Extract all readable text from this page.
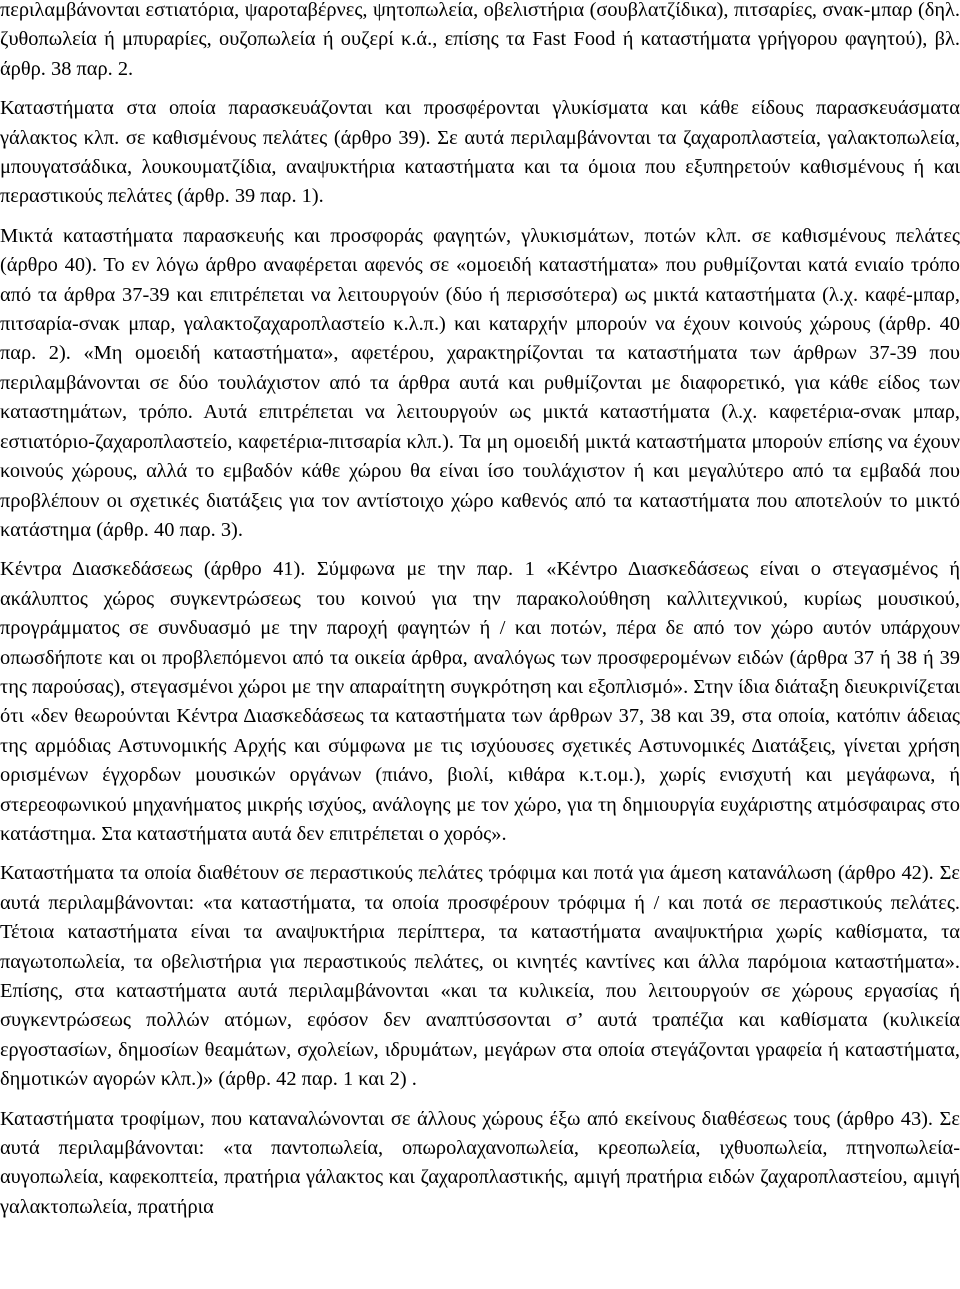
περιλαμβάνονται εστιατόρια, ψαροταβέρνες, ψητοπωλεία, οβελιστήρια (σουβλατζίδικα), πιτσαρίες, σνακ-μπαρ (δηλ. ζυθοπωλεία ή μπυραρίες, ουζοπωλεία ή ουζερί κ.ά., επίσης τα Fast Food ή καταστήματα γρήγορου φαγητού), βλ. άρθρ. 38 παρ. 2.

Καταστήματα στα οποία παρασκευάζονται και προσφέρονται γλυκίσματα και κάθε είδους παρασκευάσματα γάλακτος κλπ. σε καθισμένους πελάτες (άρθρο 39). Σε αυτά περιλαμβάνονται τα ζαχαροπλαστεία, γαλακτοπωλεία, μπουγατσάδικα, λουκουματζίδια, αναψυκτήρια καταστήματα και τα όμοια που εξυπηρετούν καθισμένους ή και περαστικούς πελάτες (άρθρ. 39 παρ. 1).

Μικτά καταστήματα παρασκευής και προσφοράς φαγητών, γλυκισμάτων, ποτών κλπ. σε καθισμένους πελάτες (άρθρο 40). Το εν λόγω άρθρο αναφέρεται αφενός σε «ομοειδή καταστήματα» που ρυθμίζονται κατά ενιαίο τρόπο από τα άρθρα 37-39 και επιτρέπεται να λειτουργούν (δύο ή περισσότερα) ως μικτά καταστήματα (λ.χ. καφέ-μπαρ, πιτσαρία-σνακ μπαρ, γαλακτοζαχαροπλαστείο κ.λ.π.) και καταρχήν μπορούν να έχουν κοινούς χώρους (άρθρ. 40 παρ. 2). «Μη ομοειδή καταστήματα», αφετέρου, χαρακτηρίζονται τα καταστήματα των άρθρων 37-39 που περιλαμβάνονται σε δύο τουλάχιστον από τα άρθρα αυτά και ρυθμίζονται με διαφορετικό, για κάθε είδος των καταστημάτων, τρόπο. Αυτά επιτρέπεται να λειτουργούν ως μικτά καταστήματα (λ.χ. καφετέρια-σνακ μπαρ, εστιατόριο-ζαχαροπλαστείο, καφετέρια-πιτσαρία κλπ.). Τα μη ομοειδή μικτά καταστήματα μπορούν επίσης να έχουν κοινούς χώρους, αλλά το εμβαδόν κάθε χώρου θα είναι ίσο τουλάχιστον ή και μεγαλύτερο από τα εμβαδά που προβλέπουν οι σχετικές διατάξεις για τον αντίστοιχο χώρο καθενός από τα καταστήματα που αποτελούν το μικτό κατάστημα (άρθρ. 40 παρ. 3).

Κέντρα Διασκεδάσεως (άρθρο 41). Σύμφωνα με την παρ. 1 «Κέντρο Διασκεδάσεως είναι ο στεγασμένος ή ακάλυπτος χώρος συγκεντρώσεως του κοινού για την παρακολούθηση καλλιτεχνικού, κυρίως μουσικού, προγράμματος σε συνδυασμό με την παροχή φαγητών ή / και ποτών, πέρα δε από τον χώρο αυτόν υπάρχουν οπωσδήποτε και οι προβλεπόμενοι από τα οικεία άρθρα, αναλόγως των προσφερομένων ειδών (άρθρα 37 ή 38 ή 39 της παρούσας), στεγασμένοι χώροι με την απαραίτητη συγκρότηση και εξοπλισμό». Στην ίδια διάταξη διευκρινίζεται ότι «δεν θεωρούνται Κέντρα Διασκεδάσεως τα καταστήματα των άρθρων 37, 38 και 39, στα οποία, κατόπιν άδειας της αρμόδιας Αστυνομικής Αρχής και σύμφωνα με τις ισχύουσες σχετικές Αστυνομικές Διατάξεις, γίνεται χρήση ορισμένων έγχορδων μουσικών οργάνων (πιάνο, βιολί, κιθάρα κ.τ.ομ.), χωρίς ενισχυτή και μεγάφωνα, ή στερεοφωνικού μηχανήματος μικρής ισχύος, ανάλογης με τον χώρο, για τη δημιουργία ευχάριστης ατμόσφαιρας στο κατάστημα. Στα καταστήματα αυτά δεν επιτρέπεται ο χορός».

Καταστήματα τα οποία διαθέτουν σε περαστικούς πελάτες τρόφιμα και ποτά για άμεση κατανάλωση (άρθρο 42). Σε αυτά περιλαμβάνονται: «τα καταστήματα, τα οποία προσφέρουν τρόφιμα ή / και ποτά σε περαστικούς πελάτες. Τέτοια καταστήματα είναι τα αναψυκτήρια περίπτερα, τα καταστήματα αναψυκτήρια χωρίς καθίσματα, τα παγωτοπωλεία, τα οβελιστήρια για περαστικούς πελάτες, οι κινητές καντίνες και άλλα παρόμοια καταστήματα». Επίσης, στα καταστήματα αυτά περιλαμβάνονται «και τα κυλικεία, που λειτουργούν σε χώρους εργασίας ή συγκεντρώσεως πολλών ατόμων, εφόσον δεν αναπτύσσονται σ’ αυτά τραπέζια και καθίσματα (κυλικεία εργοστασίων, δημοσίων θεαμάτων, σχολείων, ιδρυμάτων, μεγάρων στα οποία στεγάζονται γραφεία ή καταστήματα, δημοτικών αγορών κλπ.)» (άρθρ. 42 παρ. 1 και 2) .

Καταστήματα τροφίμων, που καταναλώνονται σε άλλους χώρους έξω από εκείνους διαθέσεως τους (άρθρο 43). Σε αυτά περιλαμβάνονται: «τα παντοπωλεία, οπωρολαχανοπωλεία, κρεοπωλεία, ιχθυοπωλεία, πτηνοπωλεία-αυγοπωλεία, καφεκοπτεία, πρατήρια γάλακτος και ζαχαροπλαστικής, αμιγή πρατήρια ειδών ζαχαροπλαστείου, αμιγή γαλακτοπωλεία, πρατήρια
